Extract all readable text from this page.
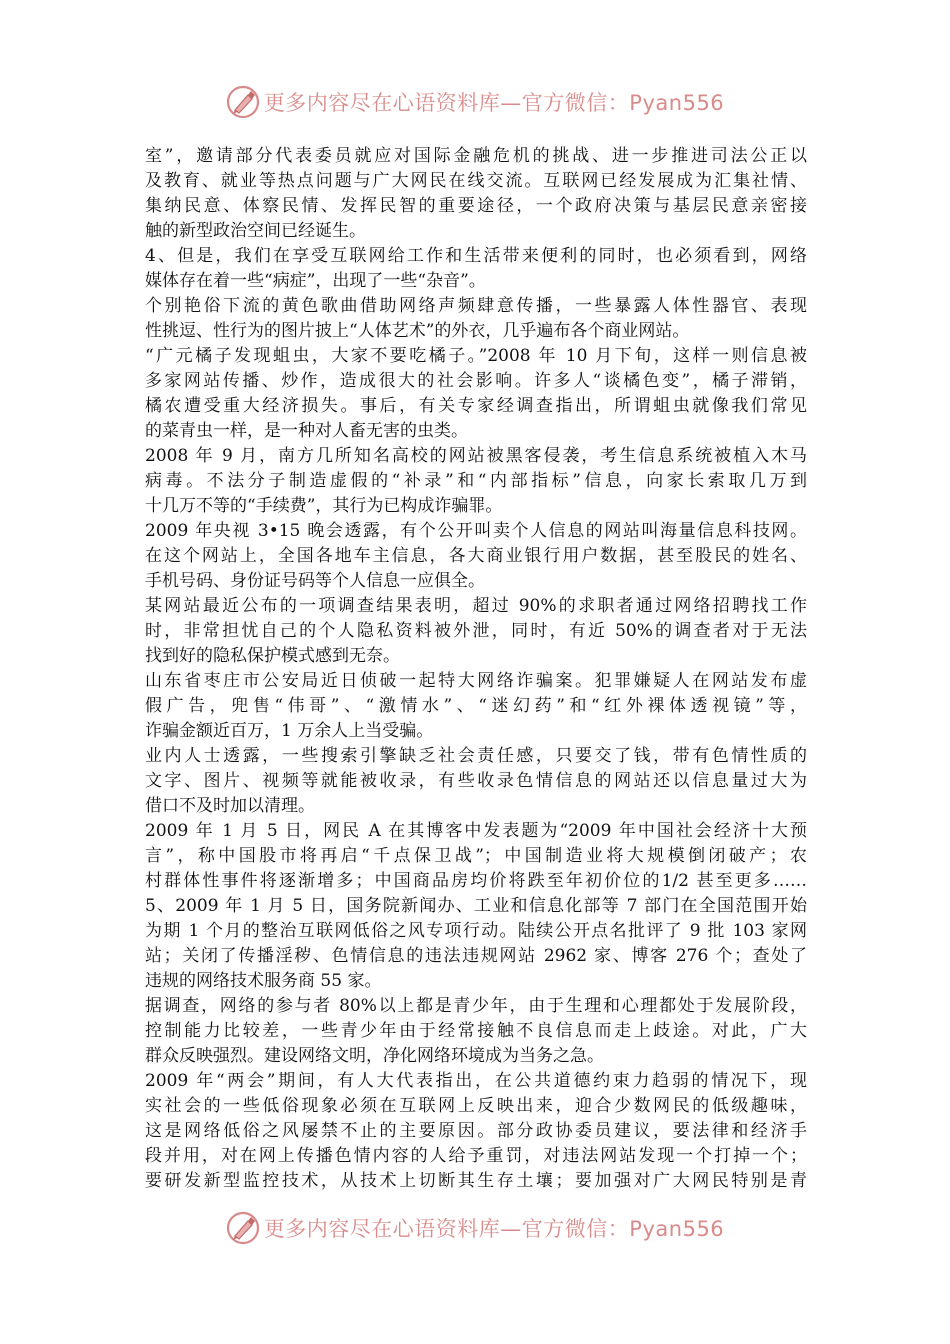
更多内容尽在心语资料库—官方微信：Pyan556
室”，邀请部分代表委员就应对国际金融危机的挑战、进一步推进司法公正以
及教育、就业等热点问题与广大网民在线交流。互联网已经发展成为汇集社情、
集纳民意、体察民情、发挥民智的重要途径，一个政府决策与基层民意亲密接
触的新型政治空间已经诞生。
4、但是，我们在享受互联网给工作和生活带来便利的同时，也必须看到，网络
媒体存在着一些“病症”，出现了一些“杂音”。
个别艳俗下流的黄色歌曲借助网络声频肆意传播，一些暴露人体性器官、表现
性挑逗、性行为的图片披上“人体艺术”的外衣，几乎遍布各个商业网站。
“广元橘子发现蛆虫，大家不要吃橘子。”2008 年 10 月下旬，这样一则信息被
多家网站传播、炒作，造成很大的社会影响。许多人“谈橘色变”，橘子滞销，
橘农遭受重大经济损失。事后，有关专家经调查指出，所谓蛆虫就像我们常见
的菜青虫一样，是一种对人畜无害的虫类。
2008 年 9 月，南方几所知名高校的网站被黑客侵袭，考生信息系统被植入木马
病毒。不法分子制造虚假的“补录”和“内部指标”信息，向家长索取几万到
十几万不等的“手续费”，其行为已构成诈骗罪。
2009 年央视 3•15 晚会透露，有个公开叫卖个人信息的网站叫海量信息科技网。
在这个网站上，全国各地车主信息，各大商业银行用户数据，甚至股民的姓名、
手机号码、身份证号码等个人信息一应俱全。
某网站最近公布的一项调查结果表明，超过 90%的求职者通过网络招聘找工作
时，非常担忧自己的个人隐私资料被外泄，同时，有近 50%的调查者对于无法
找到好的隐私保护模式感到无奈。
山东省枣庄市公安局近日侦破一起特大网络诈骗案。犯罪嫌疑人在网站发布虚
假广告，兜售“伟哥”、“激情水”、“迷幻药”和“红外裸体透视镜”等，
诈骗金额近百万，1 万余人上当受骗。
业内人士透露，一些搜索引擎缺乏社会责任感，只要交了钱，带有色情性质的
文字、图片、视频等就能被收录，有些收录色情信息的网站还以信息量过大为
借口不及时加以清理。
2009 年 1 月 5 日，网民 A 在其博客中发表题为“2009 年中国社会经济十大预
言”，称中国股市将再启“千点保卫战”；中国制造业将大规模倒闭破产；农
村群体性事件将逐渐增多；中国商品房均价将跌至年初价位的1/2 甚至更多……
5、2009 年 1 月 5 日，国务院新闻办、工业和信息化部等 7 部门在全国范围开始
为期 1 个月的整治互联网低俗之风专项行动。陆续公开点名批评了 9 批 103 家网
站；关闭了传播淫秽、色情信息的违法违规网站 2962 家、博客 276 个；查处了
违规的网络技术服务商 55 家。
据调查，网络的参与者 80%以上都是青少年，由于生理和心理都处于发展阶段，
控制能力比较差，一些青少年由于经常接触不良信息而走上歧途。对此，广大
群众反映强烈。建设网络文明，净化网络环境成为当务之急。
2009 年“两会”期间，有人大代表指出，在公共道德约束力趋弱的情况下，现
实社会的一些低俗现象必须在互联网上反映出来，迎合少数网民的低级趣味，
这是网络低俗之风屡禁不止的主要原因。部分政协委员建议，要法律和经济手
段并用，对在网上传播色情内容的人给予重罚，对违法网站发现一个打掉一个；
要研发新型监控技术，从技术上切断其生存土壤；要加强对广大网民特别是青
更多内容尽在心语资料库—官方微信：Pyan556
